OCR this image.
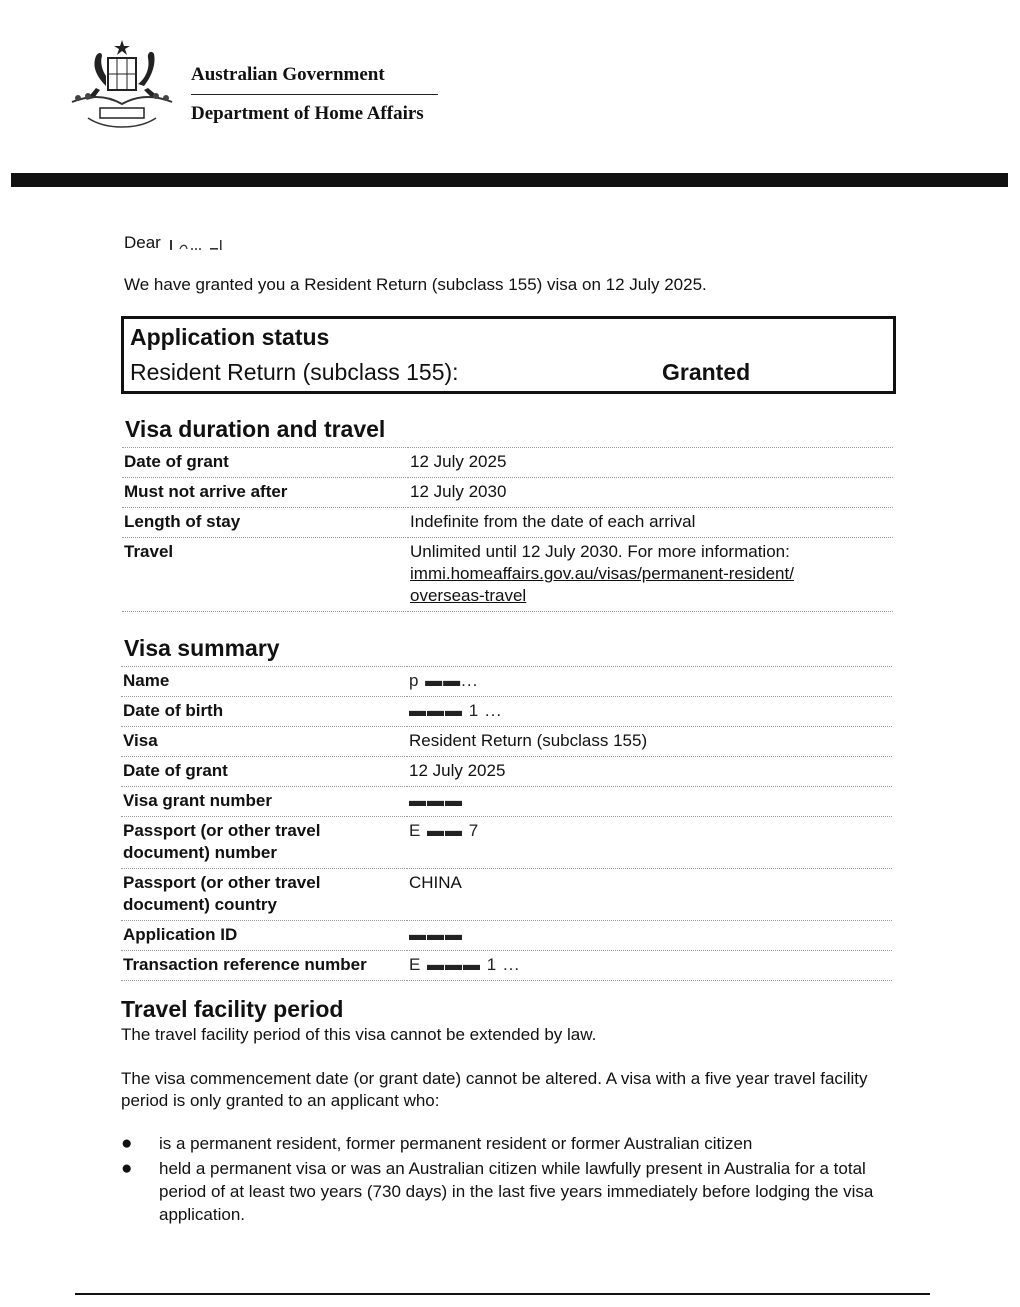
Australian Government
Department of Home Affairs
Dear
We have granted you a Resident Return (subclass 155) visa on 12 July 2025.
Application status
Resident Return (subclass 155):	Granted
Visa duration and travel
Date of grant	12 July 2025
Must not arrive after	12 July 2030
Length of stay	Indefinite from the date of each arrival
Travel	Unlimited until 12 July 2030. For more information:
immi.homeaffairs.gov.au/visas/permanent-resident/ overseas-travel
Visa summary
Name	p ▬▬...
Date of birth	▬▬▬ 1 ...
Visa	Resident Return (subclass 155)
Date of grant	12 July 2025
Visa grant number	▬▬▬
Passport (or other travel document) number	E ▬▬ 7
Passport (or other travel document) country	CHINA
Application ID	▬▬▬
Transaction reference number	E ▬▬▬ 1 ...
Travel facility period
The travel facility period of this visa cannot be extended by law.
The visa commencement date (or grant date) cannot be altered. A visa with a five year travel facility period is only granted to an applicant who:
● is a permanent resident, former permanent resident or former Australian citizen
● held a permanent visa or was an Australian citizen while lawfully present in Australia for a total period of at least two years (730 days) in the last five years immediately before lodging the visa application.
